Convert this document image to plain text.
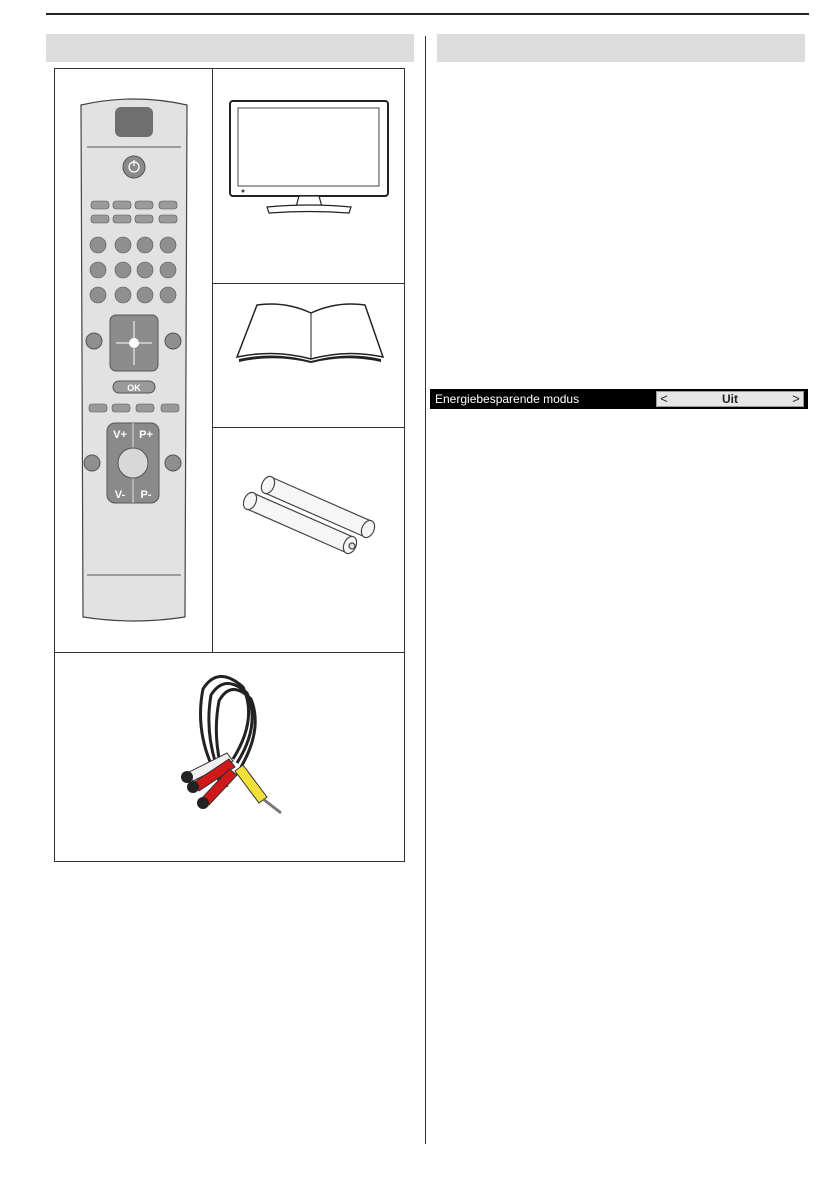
OK
V+ P+
V- P-
Energiebesparende modus	<	Uit	>
